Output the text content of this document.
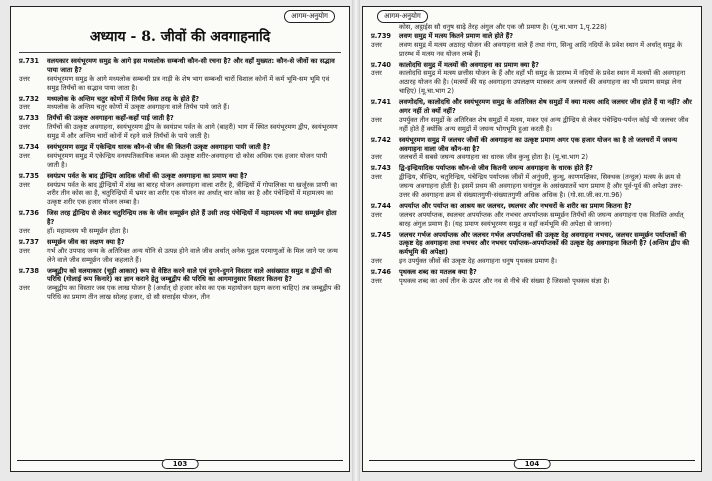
आगम-अनुयोग
अध्याय - 8. जीवों की अवगाहनादि
प्र.731	वलयकार स्वयंभूरमण समुद्र के आगे इस मध्यलोक सम्बन्धी कौन-सी रचना है? और वहाँ मुख्यत: कौन-से जीवों का सद्भाव पाया जाता है?
उत्तर	स्वयंभूरमण समुद्र के आगे मध्यलोक सम्बन्धी प्रत्र नाड़ी के शेष भाग सम्बन्धी चारों विशाल कोनों में कर्म भूमि-सम भूमि एवं समुद्र तिर्यंचों का सद्भाव पाया जाता है।
प्र.732	मध्यलोक के अन्तिम चतुर कोणों में तिर्यंच किस तरह के होते हैं?
उत्तर	मध्यलोक के अन्तिम चतुर कोणों में उत्कृष्ट अवगाहना वाले तिर्यंच पाये जाते हैं।
प्र.733	तिर्यंचों की उत्कृष्ट अवगाहना कहाँ-कहाँ पाई जाती है?
उत्तर	तिर्यंचों की उत्कृष्ट अवगाहना, स्वयंभूरमण द्वीप के स्वयंप्रभ पर्वत के आगे (बाहरी) भाग में स्थित स्वयंभूरमण द्वीप, स्वयंभूरमण समुद्र में और अन्तिम चारों कोनों में रहने वाले तिर्यंचों के पाये जाती है।
प्र.734	स्वयंभूरमण समुद्र में एकेन्द्रिय धारक कौन-से जीव की कितनी उत्कृष्ट अवगाहना पायी जाती है?
उत्तर	स्वयंभूरमण समुद्र में एकेन्द्रिय वनस्पतिकायिक कमल की उत्कृष्ट शरीर-अवगाहना दो कोस अधिक एक हजार योजन पायी जाती है।
प्र.735	स्वयंप्रभ पर्वत के बाद द्वीन्द्रिय आदिक जीवों की उत्कृष्ट अवगाहना का प्रमाण क्या है?
उत्तर	स्वयंप्रभ पर्वत के बाद द्वीन्द्रियों में शंख का बारह योजन अवगाहना वाला शरीर है, त्रीन्द्रियों में गोपालिका या खर्जूरक प्राणी का शरीर तीन कोस का है, चतुरिन्द्रियों में भ्रमर का शरीर एक योजन का अर्थात् चार कोस का है और पंचेन्द्रियों में महामत्स्य का उत्कृष्ट शरीर एक हजार योजन लम्बा है।
प्र.736	जिस तरह द्वीन्द्रिय से लेकर चतुरिन्द्रिय तक के जीव सम्मूर्छन होते हैं उसी तरह पंचेन्द्रियों में महामत्स्य भी क्या सम्मूर्छन होता है?
उत्तर	हाँ। महामत्स्य भी सम्मूर्छन होता है।
प्र.737	सम्मूर्छन जीव का लक्षण क्या है?
उत्तर	गर्भ और उपपाद जन्म के अतिरिक्त अन्य योनि से उत्पन्न होने वाले जीव अर्थात् अनेक पुद्गल परमाणुओं के मिल जाने पर जन्म लेने वाले जीव सम्मूर्छन जीव कहलाते हैं।
प्र.738	जम्बूद्वीप को वलयाकार (चूड़ी आकार) रूप से वेष्टित करने वाले एवं दुगने-दुगने विस्तार वाले असंख्यात समुद्र व द्वीपों की परिधि (गोलाई रूप किनारे) का ज्ञान कराने हेतु जम्बूद्वीप की परिधि का आगमानुसार विस्तार कितना है?
उत्तर	जम्बूद्वीप का विस्तार जब एक लाख योजन है (अर्थात् दो हजार कोस का एक महायोजन ग्रहण करना चाहिए) तब जम्बूद्वीप की परिधि का प्रमाण तीन लाख सोलह हजार, दो सौ सत्ताईस योजन, तीन
103
आगम-अनुयोग
कोस, अट्ठाईस सौ धनुष साढ़े तेरह अंगुल और एक जौ प्रमाण है। (मू.चा.भाग 1,पृ.228)
प्र.739	लवण समुद्र में मत्स्य कितने प्रमाण वाले होते हैं?
उत्तर	लवण समुद्र में मत्स्य अठारह योजन की अवगाहना वाले हैं तथा गंगा, सिन्धु आदि नदियों के प्रवेश स्थान में अर्थात् समुद्र के प्रारम्भ में मत्स्य नव योजन लम्बे हैं।
प्र.740	कालोदधि समुद्र में मत्स्यों की अवगाहना का प्रमाण क्या है?
उत्तर	कालोदधि समुद्र में मत्स्य छत्तीस योजन के हैं और वहाँ भी समुद्र के प्रारम्भ में नदियों के प्रवेश स्थान में मत्स्यों की अवगाहना अठारह योजन की है। (मत्स्यों की यह अवगाहना उपलक्षण मात्रकर अन्य जलचरों की अवगाहना का भी प्रमाण समझ लेना चाहिए) (मू.चा.भाग 2)
प्र.741	लवणोदधि, कालोदधि और स्वयंभूरमण समुद्र के अतिरिक्त शेष समुद्रों में क्या मत्स्य आदि जलचर जीव होते हैं या नहीं? और अगर नहीं तो क्यों नहीं?
उत्तर	उपर्युक्त तीन समुद्रों के अतिरिक्त शेष समुद्रों में मत्स्य, मकर एवं अन्य द्वीन्द्रिय से लेकर पंचेन्द्रिय-पर्यन्त कोई भी जलचर जीव नहीं होते हैं क्योंकि अन्य समुद्रों में जघन्य भोगभूमि हुआ करती है।
प्र.742	स्वयंभूरमण समुद्र में जलचर जीवों की अवगाहना का उत्कृष्ट प्रमाण अगर एक हजार योजन का है तो जलचरों में जघन्य अवगाहना वाला जीव कौन-सा है?
उत्तर	जलचरों में सबसे जघन्य अवगाहना का धारक जीव कुन्थु होता है। (मू.चा.भाग 2)
प्र.743	द्वि-इन्द्रियादिक पर्याप्तक कौन-से जीव कितनी जघन्य अवगाहना के धारक होते हैं?
उत्तर	द्वीन्द्रिय, त्रीन्द्रिय, चतुरिन्द्रिय, पंचेन्द्रिय पर्याप्तक जीवों में अनुंधरी, कुन्थु, काणमक्षिका, सिक्थक (तन्दुल) मत्स्य के क्रम से जघन्य अवगाहना होती है। इसमें प्रथम की अवगाहना घनांगुल के असंख्यातवें भाग प्रमाण है और पूर्व-पूर्व की अपेक्षा उत्तर-उत्तर की अवगाहना क्रम से संख्यातगुणी-संख्यातगुणी अधिक अधिक है। (गो.सा.जी.का.गा.96)
प्र.744	अपर्याप्त और पर्याप्त का आश्रय कर जलचर, स्थलचर और नभचरों के शरीर का प्रमाण कितना है?
उत्तर	जलचर अपर्याप्तक, स्थलचर अपर्याप्तक और नभचर अपर्याप्तक सम्मूर्छन तिर्यंचों की जघन्य अवगाहना एक वितस्ति अर्थात् बारह अंगुल प्रमाण है। (यह प्रमाण स्वयंभूरमण समुद्र व वहाँ कर्मभूमि की अपेक्षा से जानना)
प्र.745	जलचर गर्भज अपर्याप्तक और जलचर गर्भज अपर्याप्तकों की उत्कृष्ट देह अवगाहना नभचर, जलचर सम्मूर्छन पर्याप्तकों की उत्कृष्ट देह अवगाहना तथा नभचर और नभचर पर्याप्तक-अपर्याप्तकों की उत्कृष्ट देह अवगाहना कितनी है? (अन्तिम द्वीप की कर्मभूमि की अपेक्षा)
उत्तर	इन उपर्युक्त जीवों की उत्कृष्ट देह अवगाहना धनुष पृथक्त्व प्रमाण है।
प्र.746	पृथक्त्व शब्द का मतलब क्या है?
उत्तर	पृथक्त्व शब्द का अर्थ तीन के ऊपर और नव से नीचे की संख्या है जिसको पृथक्त्व संज्ञा है।
104
